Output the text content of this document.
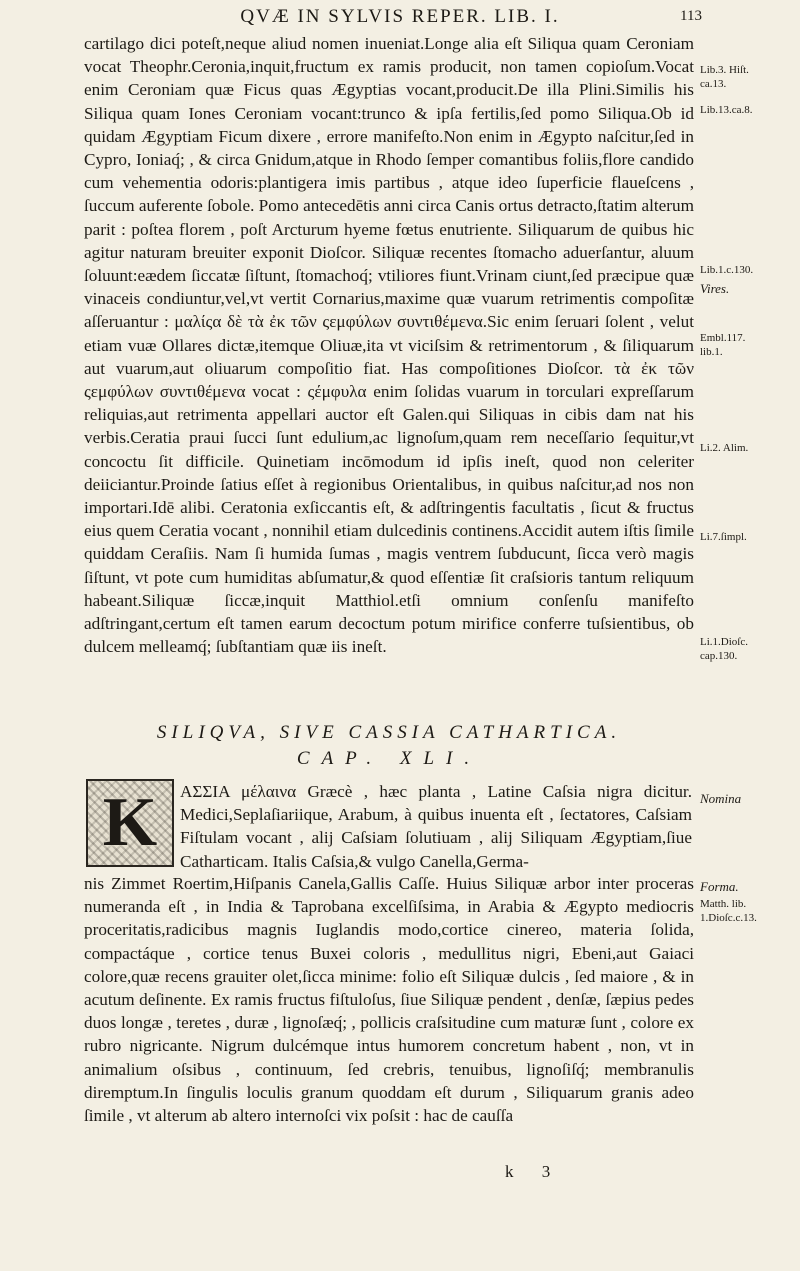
QVÆ IN SYLVIS REPER. LIB. I.	113

cartilago dici poteſt,neque aliud nomen inueniat.Longe alia eſt Siliqua quam Ceroniam vocat Theophr.Ceronia,inquit,fructum ex ramis producit, non tamen copioſum.Vocat enim Ceroniam quæ Ficus quas Ægyptias vocant,producit.De illa Plini.Similis his Siliqua quam Iones Ceroniam vocant:trunco & ipſa fertilis,ſed pomo Siliqua.Ob id quidam Ægyptiam Ficum dixere , errore manifeſto.Non enim in Ægypto naſcitur,ſed in Cypro, Ioniaq́; , & circa Gnidum,atque in Rhodo ſemper comantibus foliis,flore candido cum vehementia odoris:plantigera imis partibus , atque ideo ſuperficie flaueſcens , ſuccum auferente ſobole. Pomo antecedētis anni circa Canis ortus detracto,ſtatim alterum parit : poſtea florem , poſt Arcturum hyeme fœtus enutriente. Siliquarum de quibus hic agitur naturam breuiter exponit Dioſcor. Siliquæ recentes ſtomacho aduerſantur, aluum ſoluunt:eædem ſiccatæ ſiſtunt, ſtomachoq́; vtiliores fiunt.Vrinam ciunt,ſed præcipue quæ vinaceis condiuntur,vel,vt vertit Cornarius,maxime quæ vuarum retrimentis compoſitæ aſſeruantur : μαλίςα δὲ τὰ ἐκ τῶν ςεμφύλων συντιθέμενα.Sic enim ſeruari ſolent , velut etiam vuæ Ollares dictæ,itemque Oliuæ,ita vt viciſsim & retrimentorum , & ſiliquarum aut vuarum,aut oliuarum compoſitio fiat. Has compoſitiones Dioſcor. τὰ ἐκ τῶν ςεμφύλων συντιθέμενα vocat : ςέμφυλα enim ſolidas vuarum in torculari expreſſarum reliquias,aut retrimenta appellari auctor eſt Galen.qui Siliquas in cibis dam nat his verbis.Ceratia praui ſucci ſunt edulium,ac lignoſum,quam rem neceſſario ſequitur,vt concoctu ſit difficile. Quinetiam incōmodum id ipſis ineſt, quod non celeriter deiiciantur.Proinde ſatius eſſet à regionibus Orientalibus, in quibus naſcitur,ad nos non importari.Idē alibi. Ceratonia exſiccantis eſt, & adſtringentis facultatis , ſicut & fructus eius quem Ceratia vocant , nonnihil etiam dulcedinis continens.Accidit autem iſtis ſimile quiddam Ceraſiis. Nam ſi humida ſumas , magis ventrem ſubducunt, ſicca verò magis ſiſtunt, vt pote cum humiditas abſumatur,& quod eſſentiæ ſit craſsioris tantum reliquum habeant.Siliquæ ſiccæ,inquit Matthiol.etſi omnium conſenſu manifeſto adſtringant,certum eſt tamen earum decoctum potum mirifice conferre tuſsientibus, ob dulcem melleamq́; ſubſtantiam quæ iis ineſt.

Lib.3. Hiſt.
ca.13.
Lib.13.ca.8.
Lib.1.c.130.
Vires.
Embl.117.
lib.1.
Li.2. Alim.
Li.7.ſimpl.
Li.1.Dioſc.
cap.130.
Nomina
Forma.
Matth. lib.
1.Dioſc.c.13.
SILIQVA, SIVE CASSIA CATHARTICA.
CAP. XLI.
K ΑΣΣΙΑ μέλαινα Græcè , hæc planta , Latine Caſsia nigra dicitur. Medici,Seplaſiariique, Arabum, à quibus inuenta eſt , ſectatores, Caſsiam Fiſtulam vocant , alij Caſsiam ſolutiuam , alij Siliquam Ægyptiam,ſiue Catharticam. Italis Caſsia,& vulgo Canella,Germa-

nis Zimmet Roertim,Hiſpanis Canela,Gallis Caſſe. Huius Siliquæ arbor inter proceras numeranda eſt , in India & Taprobana excelſiſsima, in Arabia & Ægypto mediocris proceritatis,radicibus magnis Iuglandis modo,cortice cinereo, materia ſolida, compactáque , cortice tenus Buxei coloris , medullitus nigri, Ebeni,aut Gaiaci colore,quæ recens grauiter olet,ſicca minime: folio eſt Siliquæ dulcis , ſed maiore , & in acutum deſinente. Ex ramis fructus fiſtuloſus, ſiue Siliquæ pendent , denſæ, ſæpius pedes duos longæ , teretes , duræ , lignoſæq́; , pollicis craſsitudine cum maturæ ſunt , colore ex rubro nigricante. Nigrum dulcémque intus humorem concretum habent , non, vt in animalium oſsibus , continuum, ſed crebris, tenuibus, lignoſiſq́; membranulis diremptum.In ſingulis loculis granum quoddam eſt durum , Siliquarum granis adeo ſimile , vt alterum ab altero internoſci vix poſsit : hac de cauſſa

k 3
